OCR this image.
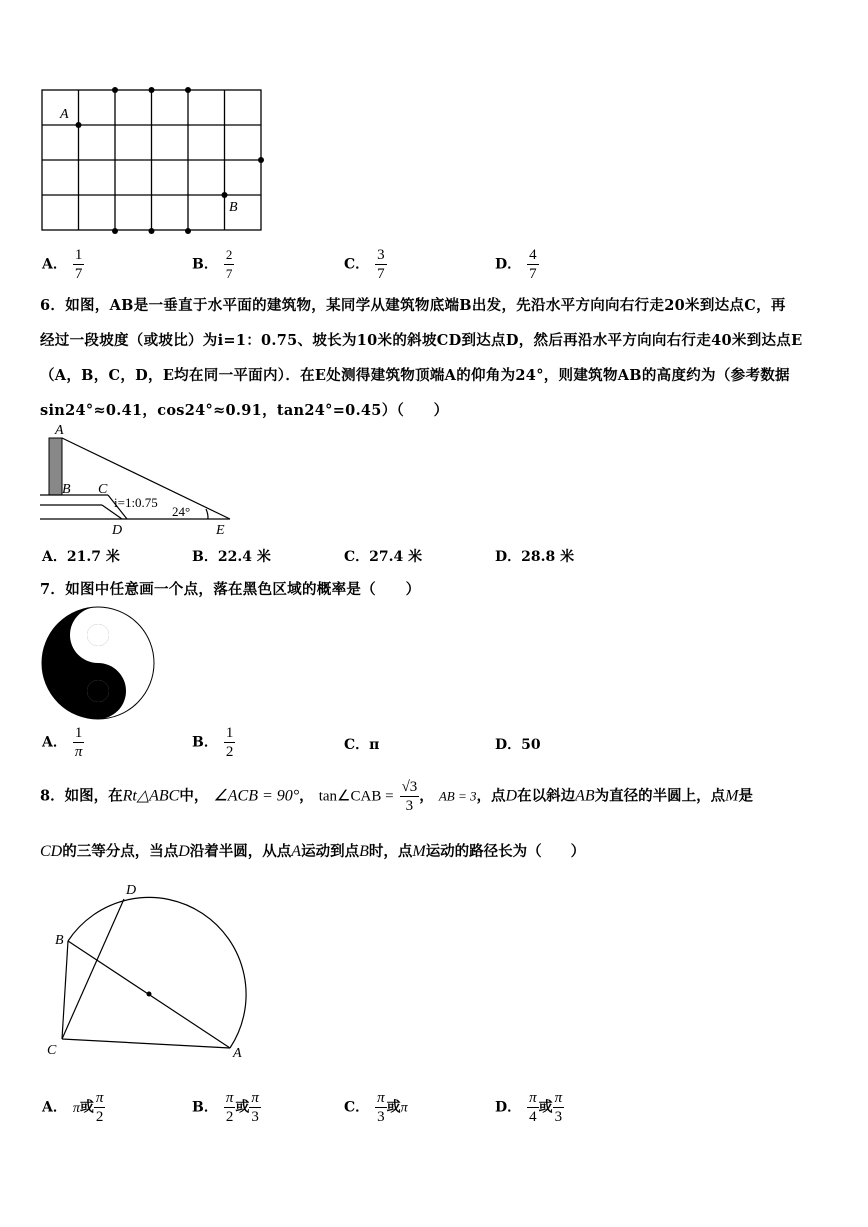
A
B
A． $\frac{1}{7}$	B． $\frac{2}{7}$	C． $\frac{3}{7}$	D． $\frac{4}{7}$
6．如图，AB是一垂直于水平面的建筑物，某同学从建筑物底端B出发，先沿水平方向向右行走20米到达点C，再
经过一段坡度（或坡比）为i=1：0.75、坡长为10米的斜坡CD到达点D，然后再沿水平方向向右行走40米到达点E
（A，B，C，D，E均在同一平面内）．在E处测得建筑物顶端A的仰角为24°，则建筑物AB的高度约为（参考数据
sin24°≈0.41，cos24°≈0.91，tan24°=0.45）（　　）
A
B C
D	E
i=1:0.75
24°
A．21.7 米	B．22.4 米	C．27.4 米	D．28.8 米
7．如图中任意画一个点，落在黑色区域的概率是（　　）
A． $\frac{1}{\pi}$	B． $\frac{1}{2}$	C．π	D．50
8．如图，在Rt△ABC中， ∠ACB = 90°， tan∠CAB = $\frac{√3}{3}$ ， AB = 3，点D在以斜边AB为直径的半圆上，点M是
CD的三等分点，当点D沿着半圆，从点A运动到点B时，点M运动的路径长为（　　）
D
B
C	A
A． π或 $\frac{\pi}{2}$	B． $\frac{\pi}{2}$ 或 $\frac{\pi}{3}$	C． $\frac{\pi}{3}$ 或π	D． $\frac{\pi}{4}$ 或 $\frac{\pi}{3}$
